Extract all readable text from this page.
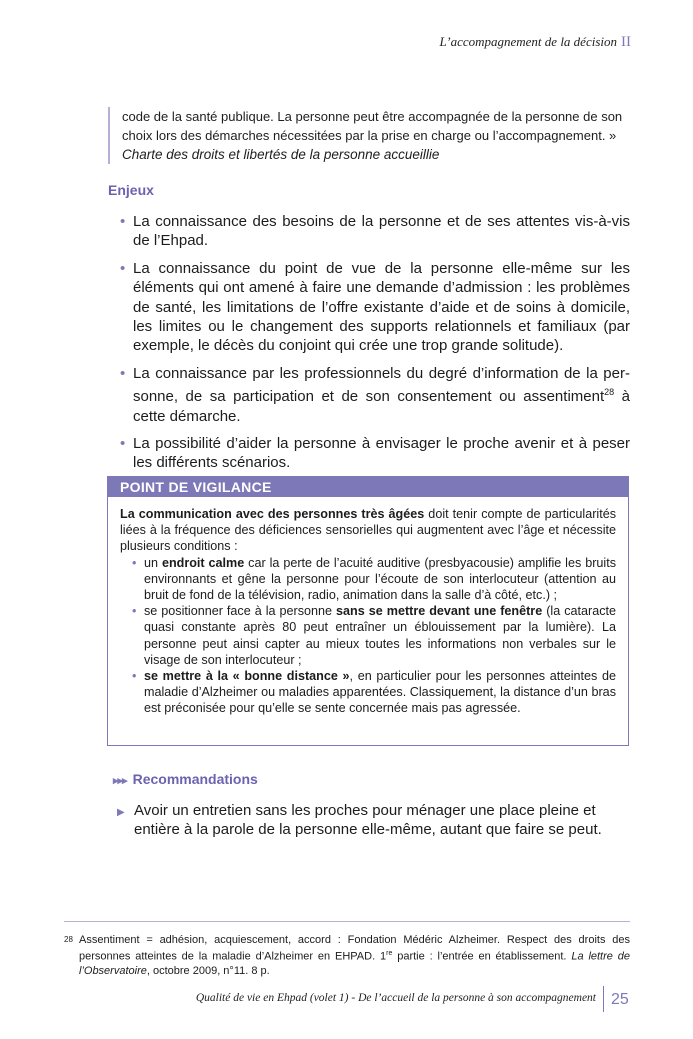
L’accompagnement de la décision II
code de la santé publique. La personne peut être accompagnée de la personne de son choix lors des démarches nécessitées par la prise en charge ou l’accompagnement. »
Charte des droits et libertés de la personne accueillie
Enjeux
• La connaissance des besoins de la personne et de ses attentes vis-à-vis de l’Ehpad.
• La connaissance du point de vue de la personne elle-même sur les éléments qui ont amené à faire une demande d’admission : les problèmes de santé, les limitations de l’offre existante d’aide et de soins à domicile, les limites ou le changement des supports relationnels et familiaux (par exemple, le décès du conjoint qui crée une trop grande solitude).
• La connaissance par les professionnels du degré d’information de la per-sonne, de sa participation et de son consentement ou assentiment$^{28}$ à cette démarche.
• La possibilité d’aider la personne à envisager le proche avenir et à peser les différents scénarios.
POINT DE VIGILANCE
La communication avec des personnes très âgées doit tenir compte de particularités liées à la fréquence des déficiences sensorielles qui augmentent avec l’âge et nécessite plusieurs conditions :
• un endroit calme car la perte de l’acuité auditive (presbyacousie) amplifie les bruits environnants et gêne la personne pour l’écoute de son interlocuteur (attention au bruit de fond de la télévision, radio, animation dans la salle d’à côté, etc.) ;
• se positionner face à la personne sans se mettre devant une fenêtre (la cataracte quasi constante après 80 peut entraîner un éblouissement par la lumière). La personne peut ainsi capter au mieux toutes les informations non verbales sur le visage de son interlocuteur ;
• se mettre à la « bonne distance », en particulier pour les personnes atteintes de maladie d’Alzheimer ou maladies apparentées. Classiquement, la distance d’un bras est préconisée pour qu’elle se sente concernée mais pas agressée.
▸▸▸ Recommandations
▶ Avoir un entretien sans les proches pour ménager une place pleine et entière à la parole de la personne elle-même, autant que faire se peut.
28 Assentiment = adhésion, acquiescement, accord : Fondation Médéric Alzheimer. Respect des droits des personnes atteintes de la maladie d’Alzheimer en EHPAD. 1re partie : l’entrée en établissement. La lettre de l’Observatoire, octobre 2009, n°11. 8 p.
Qualité de vie en Ehpad (volet 1) - De l’accueil de la personne à son accompagnement 25
